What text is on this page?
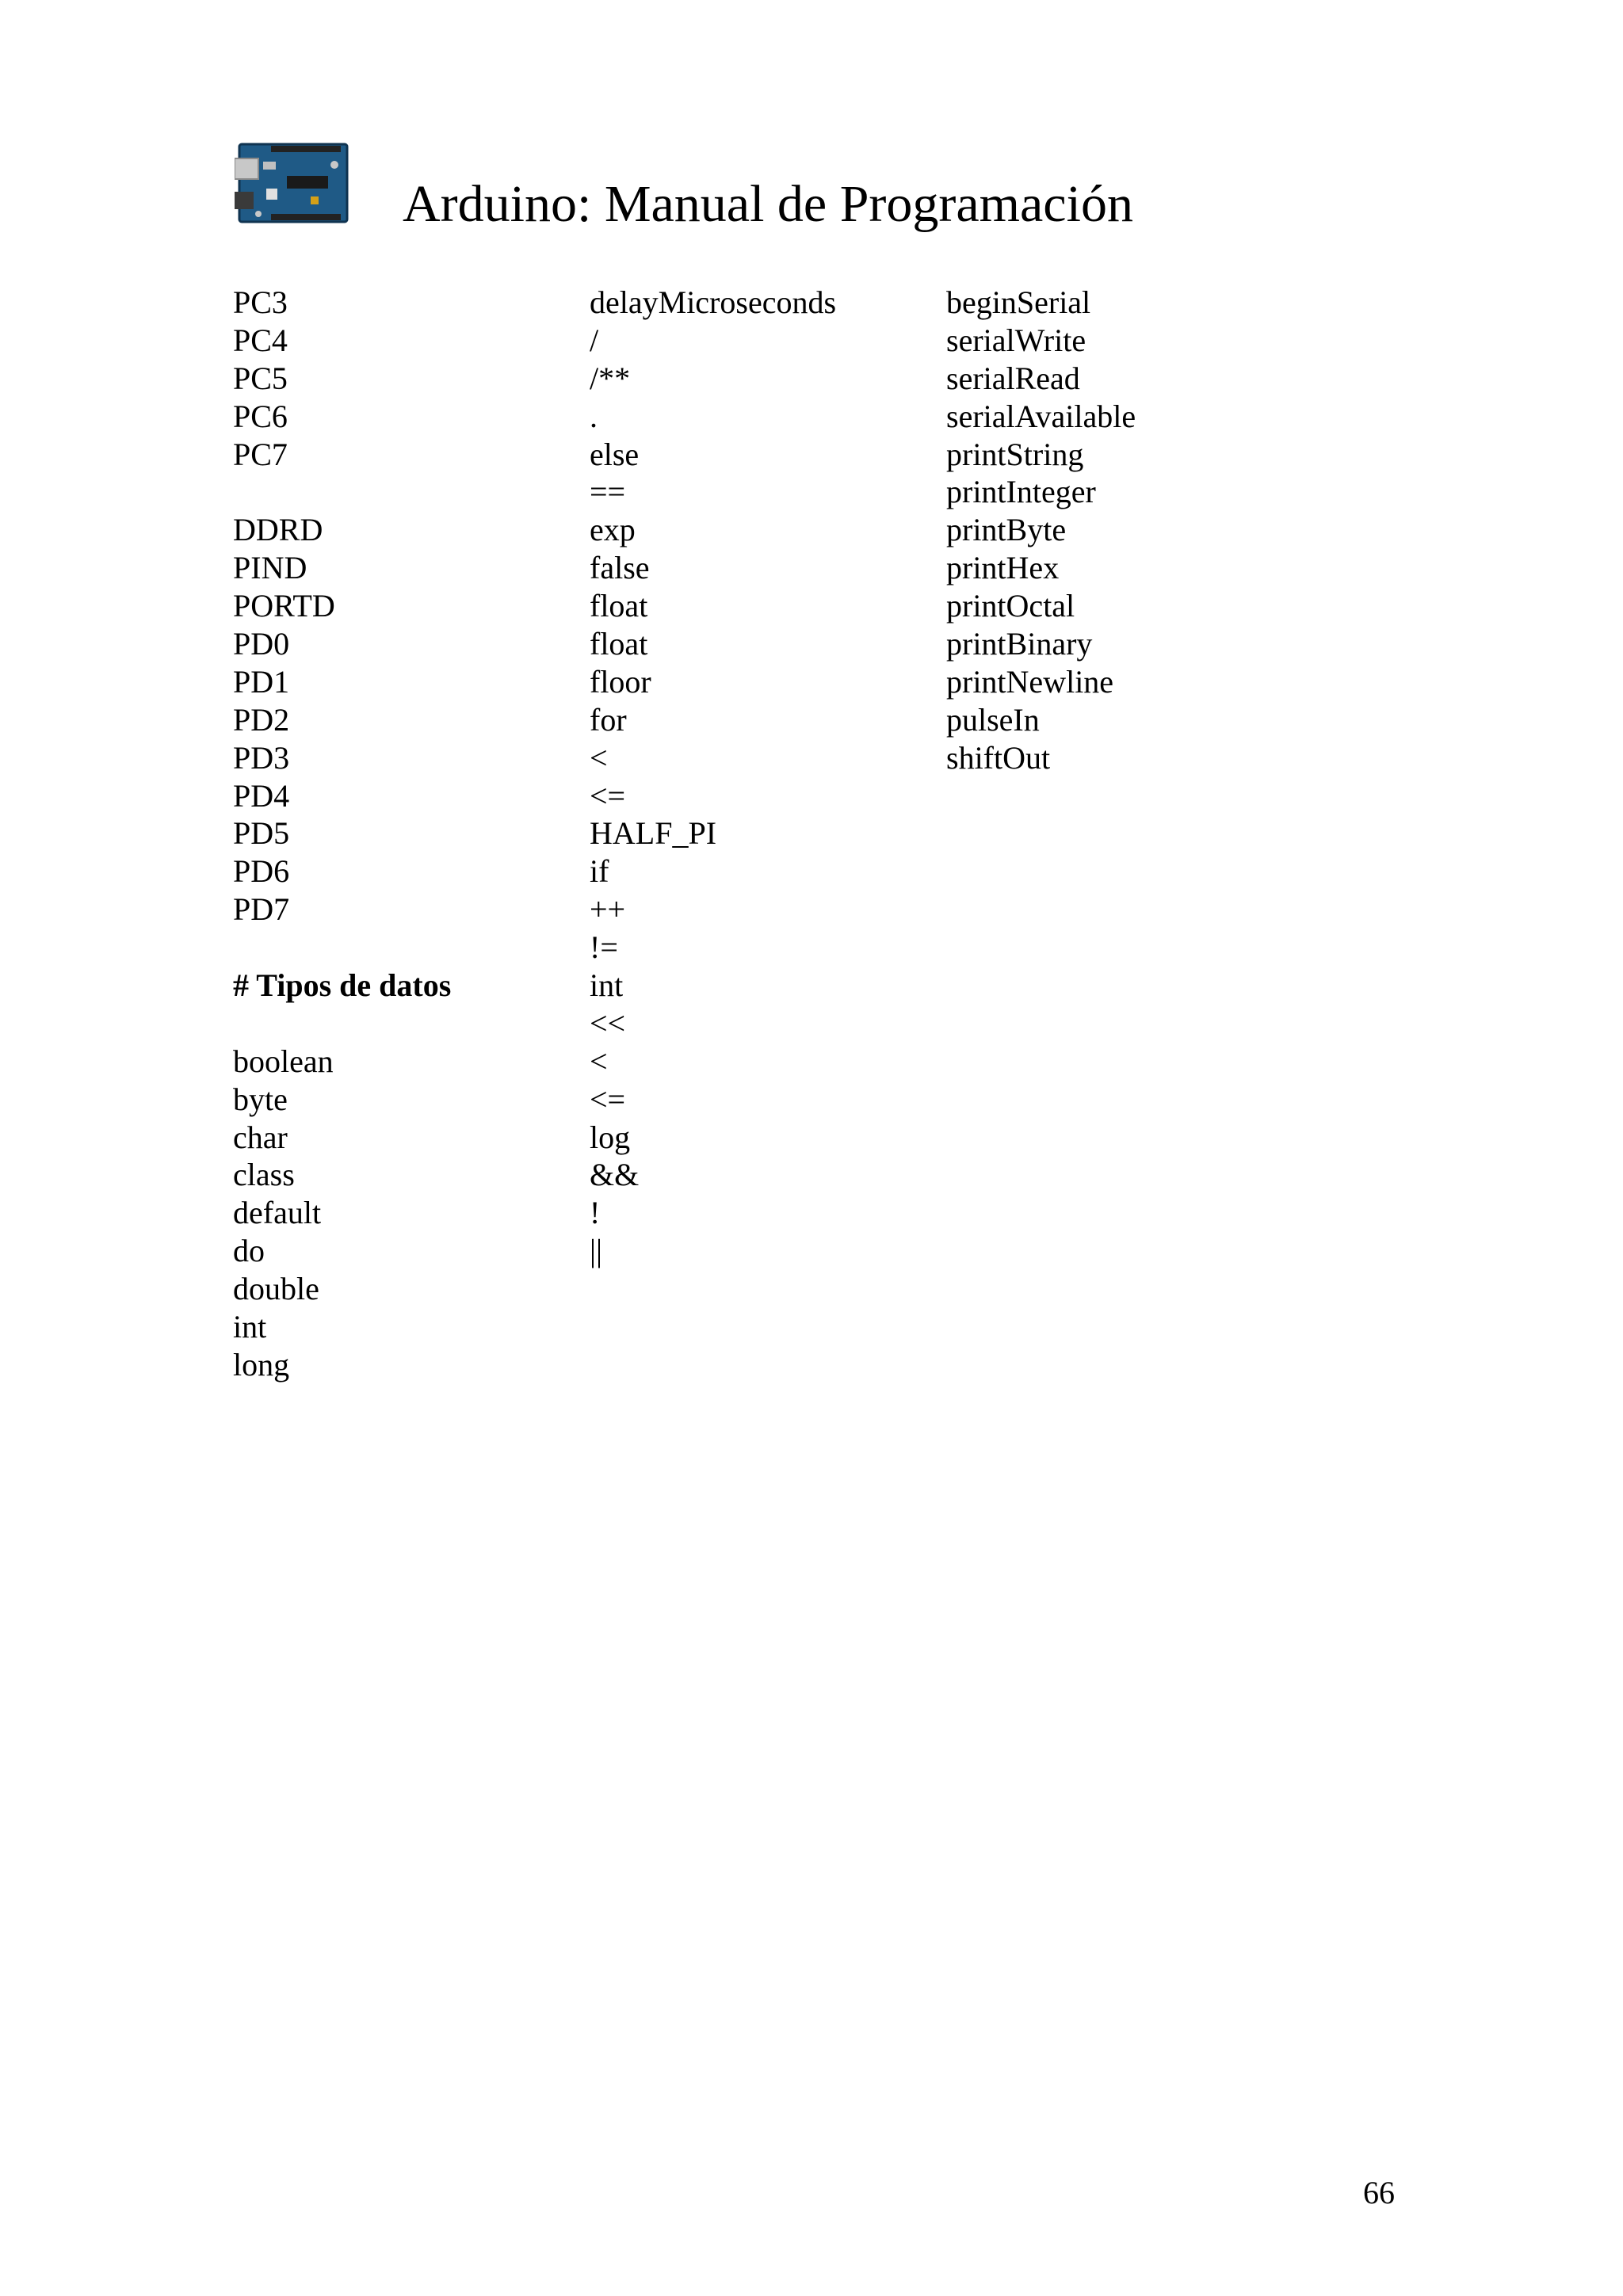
Arduino: Manual de Programación
PC3
PC4
PC5
PC6
PC7
DDRD
PIND
PORTD
PD0
PD1
PD2
PD3
PD4
PD5
PD6
PD7
# Tipos de datos
boolean
byte
char
class
default
do
double
int
long
delayMicroseconds
/
/**
.
else
==
exp
false
float
float
floor
for
<
<=
HALF_PI
if
++
!=
int
<<
<
<=
log
&&
!
||
beginSerial
serialWrite
serialRead
serialAvailable
printString
printInteger
printByte
printHex
printOctal
printBinary
printNewline
pulseIn
shiftOut
66
